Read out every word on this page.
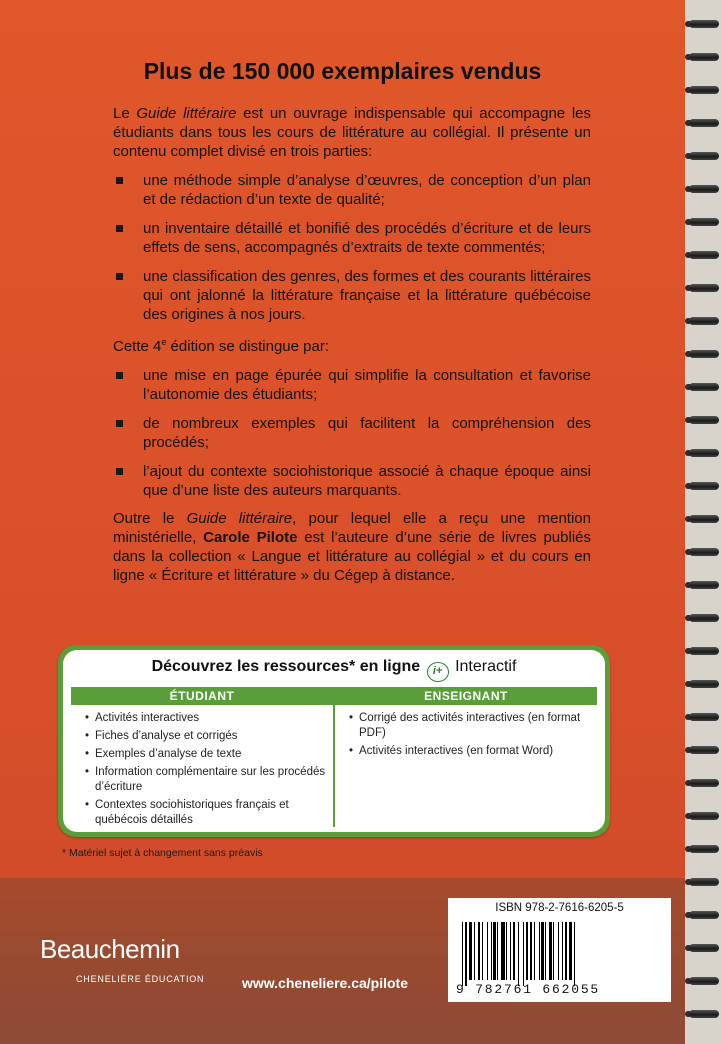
Plus de 150 000 exemplaires vendus

Le Guide littéraire est un ouvrage indispensable qui accompagne les étudiants dans tous les cours de littérature au collégial. Il présente un contenu complet divisé en trois parties:

une méthode simple d’analyse d’œuvres, de conception d’un plan et de rédaction d’un texte de qualité;

un inventaire détaillé et bonifié des procédés d’écriture et de leurs effets de sens, accompagnés d’extraits de texte commentés;

une classification des genres, des formes et des courants littéraires qui ont jalonné la littérature française et la littérature québécoise des origines à nos jours.

Cette 4e édition se distingue par:

une mise en page épurée qui simplifie la consultation et favorise l’autonomie des étudiants;

de nombreux exemples qui facilitent la compréhension des procédés;

l’ajout du contexte sociohistorique associé à chaque époque ainsi que d’une liste des auteurs marquants.

Outre le Guide littéraire, pour lequel elle a reçu une mention ministérielle, Carole Pilote est l’auteure d’une série de livres publiés dans la collection « Langue et littérature au collégial » et du cours en ligne « Écriture et littérature » du Cégep à distance.

Découvrez les ressources* en ligne i+ Interactif
ÉTUDIANT
• Activités interactives
• Fiches d’analyse et corrigés
• Exemples d’analyse de texte
• Information complémentaire sur les procédés d’écriture
• Contextes sociohistoriques français et québécois détaillés
ENSEIGNANT
• Corrigé des activités interactives (en format PDF)
• Activités interactives (en format Word)
* Matériel sujet à changement sans préavis
Beauchemin
CHENELIÈRE ÉDUCATION	www.cheneliere.ca/pilote
ISBN 978-2-7616-6205-5
9 782761 662055
